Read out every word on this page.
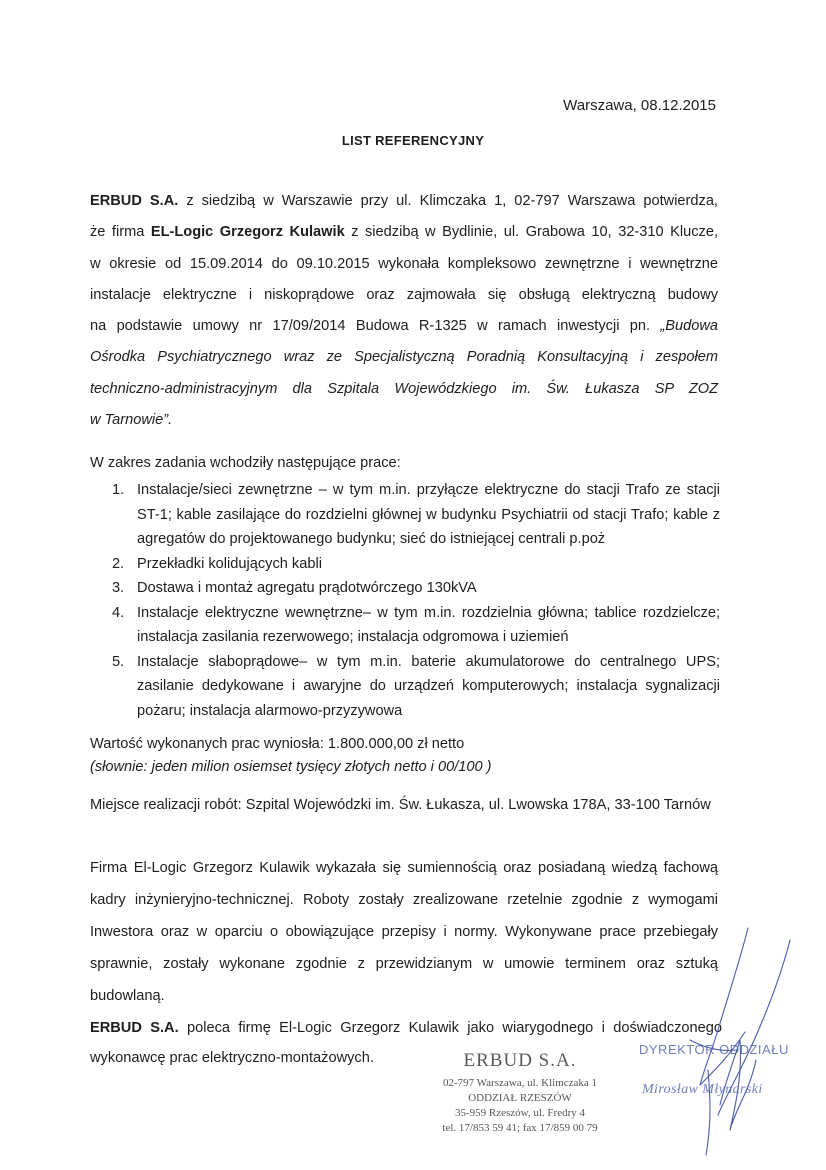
Warszawa, 08.12.2015
LIST REFERENCYJNY
ERBUD S.A. z siedzibą w Warszawie przy ul. Klimczaka 1, 02-797 Warszawa potwierdza,
że firma EL-Logic Grzegorz Kulawik z siedzibą w Bydlinie, ul. Grabowa 10, 32-310 Klucze,
w okresie od 15.09.2014 do 09.10.2015 wykonała kompleksowo zewnętrzne i wewnętrzne
instalacje elektryczne i niskoprądowe oraz zajmowała się obsługą elektryczną budowy
na podstawie umowy nr 17/09/2014 Budowa R-1325 w ramach inwestycji pn. „Budowa
Ośrodka Psychiatrycznego wraz ze Specjalistyczną Poradnią Konsultacyjną i zespołem
techniczno-administracyjnym dla Szpitala Wojewódzkiego im. Św. Łukasza SP ZOZ
w Tarnowie”.
W zakres zadania wchodziły następujące prace:
1. Instalacje/sieci zewnętrzne – w tym m.in. przyłącze elektryczne do stacji Trafo ze stacji ST-1; kable zasilające do rozdzielni głównej w budynku Psychiatrii od stacji Trafo; kable z agregatów do projektowanego budynku; sieć do istniejącej centrali p.poż
2. Przekładki kolidujących kabli
3. Dostawa i montaż agregatu prądotwórczego 130kVA
4. Instalacje elektryczne wewnętrzne– w tym m.in. rozdzielnia główna; tablice rozdzielcze; instalacja zasilania rezerwowego; instalacja odgromowa i uziemień
5. Instalacje słaboprądowe– w tym m.in. baterie akumulatorowe do centralnego UPS; zasilanie dedykowane i awaryjne do urządzeń komputerowych; instalacja sygnalizacji pożaru; instalacja alarmowo-przyzywowa
Wartość wykonanych prac wyniosła: 1.800.000,00 zł netto
(słownie: jeden milion osiemset tysięcy złotych netto i 00/100 )
Miejsce realizacji robót: Szpital Wojewódzki im. Św. Łukasza, ul. Lwowska 178A, 33-100 Tarnów
Firma El-Logic Grzegorz Kulawik wykazała się sumiennością oraz posiadaną wiedzą fachową
kadry inżynieryjno-technicznej. Roboty zostały zrealizowane rzetelnie zgodnie z wymogami
Inwestora oraz w oparciu o obowiązujące przepisy i normy. Wykonywane prace przebiegały
sprawnie, zostały wykonane zgodnie z przewidzianym w umowie terminem oraz sztuką
budowlaną.
ERBUD S.A. poleca firmę El-Logic Grzegorz Kulawik jako wiarygodnego i doświadczonego
wykonawcę prac elektryczno-montażowych.	ERBUD S.A.
02-797 Warszawa, ul. Klimczaka 1
ODDZIAŁ RZESZÓW
35-959 Rzeszów, ul. Fredry 4
tel. 17/853 59 41; fax 17/859 00 79
DYREKTOR ODDZIAŁU
Mirosław Młynarski
